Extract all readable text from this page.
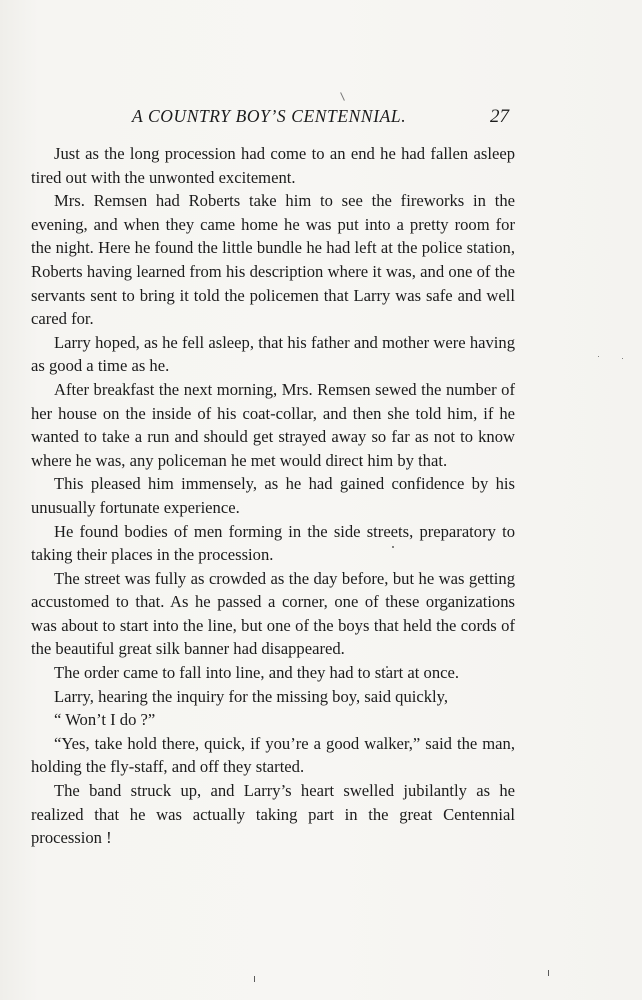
A COUNTRY BOY’S CENTENNIAL.	27

Just as the long procession had come to an end he had fallen asleep tired out with the unwonted excitement.

Mrs. Remsen had Roberts take him to see the fireworks in the evening, and when they came home he was put into a pretty room for the night. Here he found the little bundle he had left at the police station, Roberts having learned from his description where it was, and one of the servants sent to bring it told the policemen that Larry was safe and well cared for.

Larry hoped, as he fell asleep, that his father and mother were having as good a time as he.

After breakfast the next morning, Mrs. Remsen sewed the number of her house on the inside of his coat-collar, and then she told him, if he wanted to take a run and should get strayed away so far as not to know where he was, any policeman he met would direct him by that.

This pleased him immensely, as he had gained confidence by his unusually fortunate experience.

He found bodies of men forming in the side streets, preparatory to taking their places in the procession.

The street was fully as crowded as the day before, but he was getting accustomed to that. As he passed a corner, one of these organizations was about to start into the line, but one of the boys that held the cords of the beautiful great silk banner had disappeared.

The order came to fall into line, and they had to start at once.

Larry, hearing the inquiry for the missing boy, said quickly,

“ Won’t I do ?”

“Yes, take hold there, quick, if you’re a good walker,” said the man, holding the fly-staff, and off they started.

The band struck up, and Larry’s heart swelled jubilantly as he realized that he was actually taking part in the great Centennial procession !
